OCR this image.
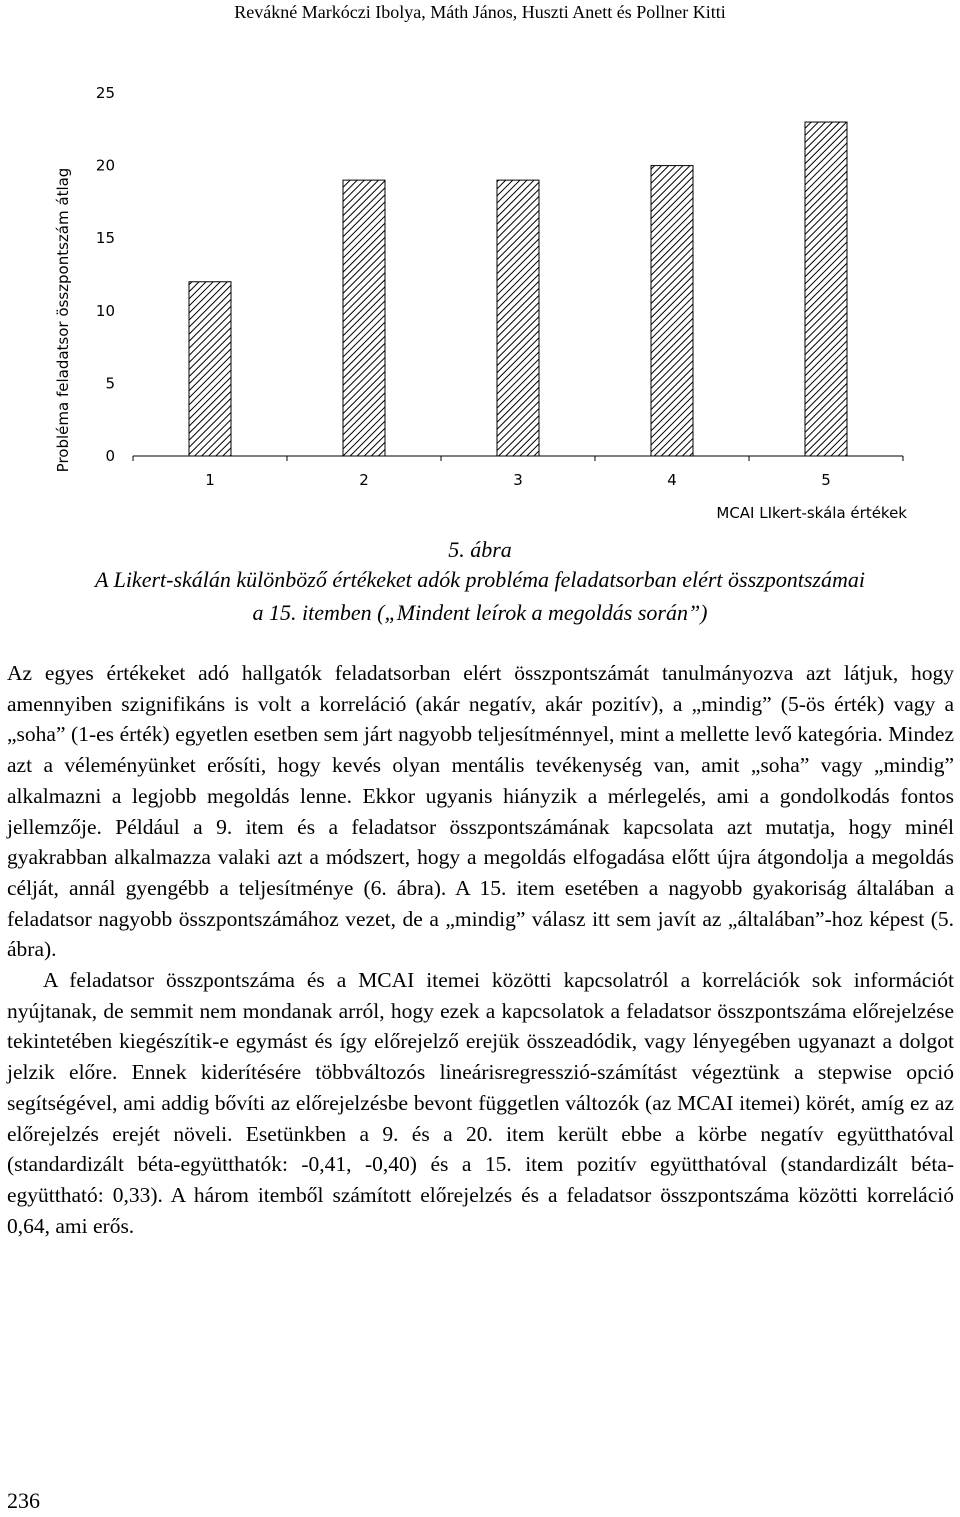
Revákné Markóczi Ibolya, Máth János, Huszti Anett és Pollner Kitti
Probléma feladatsor összpontszám átlag
MCAI LIkert-skála értékek
0
5
10
15
20
25
1	2	3	4	5
5. ábra
A Likert-skálán különböző értékeket adók probléma feladatsorban elért összpontszámai
a 15. itemben („Mindent leírok a megoldás során”)

Az egyes értékeket adó hallgatók feladatsorban elért összpontszámát tanulmányozva azt látjuk, hogy amennyiben szignifikáns is volt a korreláció (akár negatív, akár pozitív), a „mindig” (5-ös érték) vagy a „soha” (1-es érték) egyetlen esetben sem járt nagyobb teljesítménnyel, mint a mellette levő kategória. Mindez azt a véleményünket erősíti, hogy kevés olyan mentális tevékenység van, amit „soha” vagy „mindig” alkalmazni a legjobb megoldás lenne. Ekkor ugyanis hiányzik a mérlegelés, ami a gondolkodás fontos jellemzője. Például a 9. item és a feladatsor összpontszámának kapcsolata azt mutatja, hogy minél gyakrabban alkalmazza valaki azt a módszert, hogy a megoldás elfogadása előtt újra átgondolja a megoldás célját, annál gyengébb a teljesítménye (6. ábra). A 15. item esetében a nagyobb gyakoriság általában a feladatsor nagyobb összpontszámához vezet, de a „mindig” válasz itt sem javít az „általában”-hoz képest (5. ábra).

A feladatsor összpontszáma és a MCAI itemei közötti kapcsolatról a korrelációk sok információt nyújtanak, de semmit nem mondanak arról, hogy ezek a kapcsolatok a feladatsor összpontszáma előrejelzése tekintetében kiegészítik-e egymást és így előrejelző erejük összeadódik, vagy lényegében ugyanazt a dolgot jelzik előre. Ennek kiderítésére többváltozós lineárisregresszió-számítást végeztünk a stepwise opció segítségével, ami addig bővíti az előrejelzésbe bevont független változók (az MCAI itemei) körét, amíg ez az előrejelzés erejét növeli. Esetünkben a 9. és a 20. item került ebbe a körbe negatív együtthatóval (standardizált béta-együtthatók: -0,41, -0,40) és a 15. item pozitív együtthatóval (standardizált béta-együttható: 0,33). A három itemből számított előrejelzés és a feladatsor összpontszáma közötti korreláció 0,64, ami erős.

236
